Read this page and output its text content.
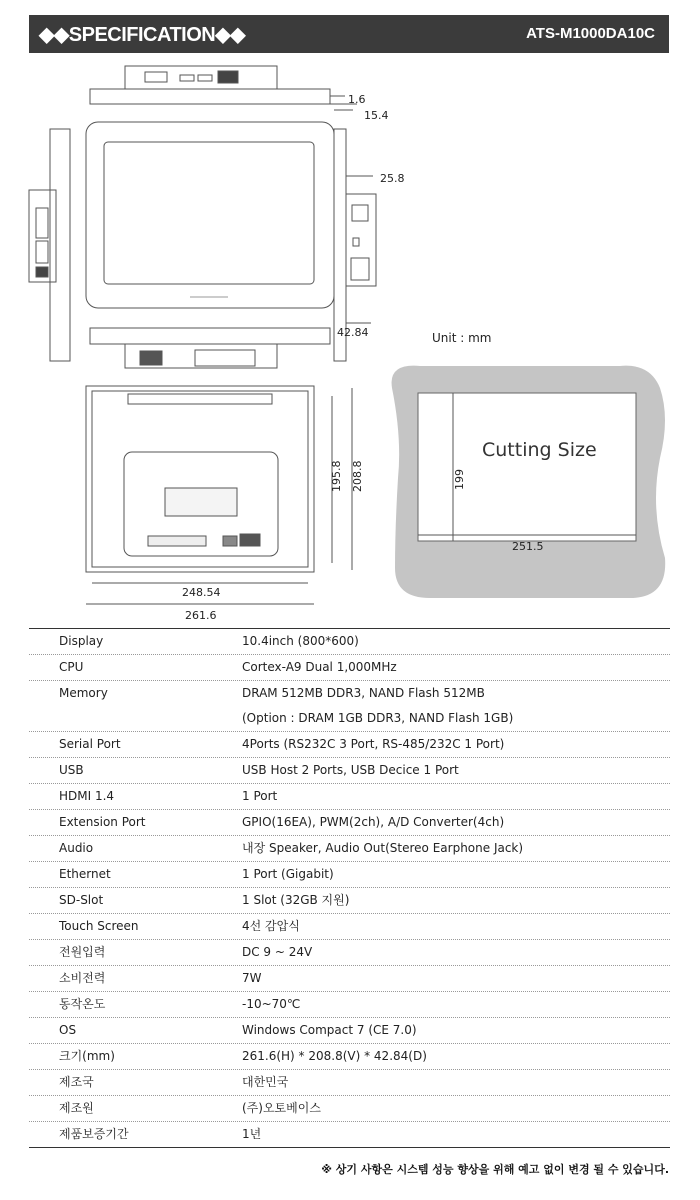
◆◆SPECIFICATION◆◆	ATS-M1000DA10C
1.6
15.4
25.8
42.84
195.8 208.8
248.54
261.6
Cutting Size
199
251.5
Unit : mm
Display	10.4inch (800*600)
CPU	Cortex-A9 Dual 1,000MHz
Memory	DRAM 512MB DDR3, NAND Flash 512MB
(Option : DRAM 1GB DDR3, NAND Flash 1GB)
Serial Port	4Ports (RS232C 3 Port, RS-485/232C 1 Port)
USB	USB Host 2 Ports, USB Decice 1 Port
HDMI 1.4	1 Port
Extension Port	GPIO(16EA), PWM(2ch), A/D Converter(4ch)
Audio	내장 Speaker, Audio Out(Stereo Earphone Jack)
Ethernet	1 Port (Gigabit)
SD-Slot	1 Slot (32GB 지원)
Touch Screen	4선 감압식
전원입력	DC 9 ~ 24V
소비전력	7W
동작온도	-10~70℃
OS	Windows Compact 7 (CE 7.0)
크기(mm)	261.6(H) * 208.8(V) * 42.84(D)
제조국	대한민국
제조원	(주)오토베이스
제품보증기간	1년
※ 상기 사항은 시스템 성능 향상을 위해 예고 없이 변경 될 수 있습니다.
